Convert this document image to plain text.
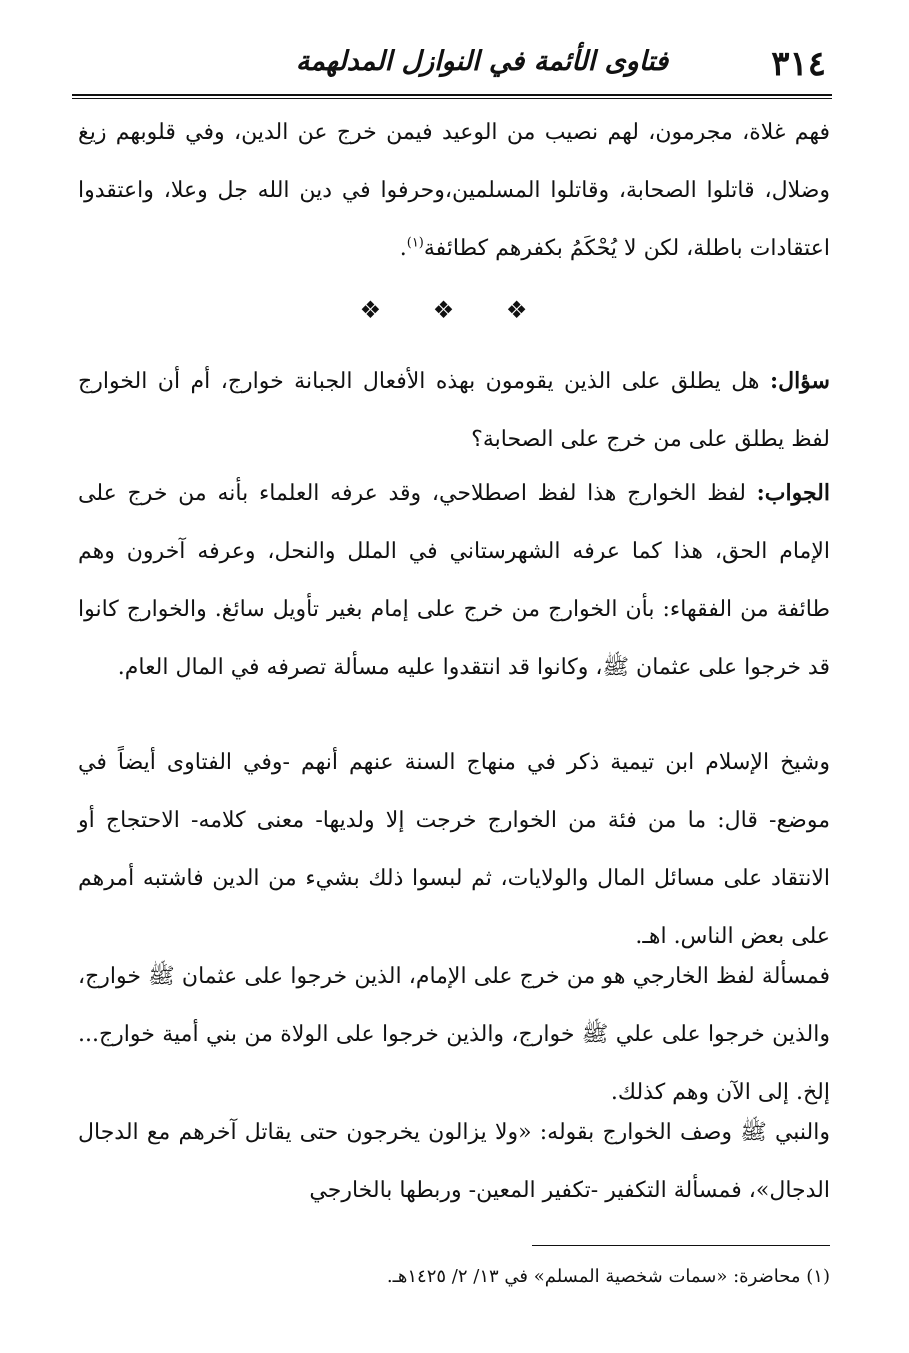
٣١٤
فتاوى الأئمة في النوازل المدلهمة

فهم غلاة، مجرمون، لهم نصيب من الوعيد فيمن خرج عن الدين، وفي قلوبهم زيغ وضلال، قاتلوا الصحابة، وقاتلوا المسلمين،وحرفوا في دين الله جل وعلا، واعتقدوا اعتقادات باطلة، لكن لا يُحْكَمُ بكفرهم كطائفة$^{(١)}$.

❖ ❖ ❖

سؤال: هل يطلق على الذين يقومون بهذه الأفعال الجبانة خوارج، أم أن الخوارج لفظ يطلق على من خرج على الصحابة؟

الجواب: لفظ الخوارج هذا لفظ اصطلاحي، وقد عرفه العلماء بأنه من خرج على الإمام الحق، هذا كما عرفه الشهرستاني في الملل والنحل، وعرفه آخرون وهم طائفة من الفقهاء: بأن الخوارج من خرج على إمام بغير تأويل سائغ. والخوارج كانوا قد خرجوا على عثمان ﷺ، وكانوا قد انتقدوا عليه مسألة تصرفه في المال العام.

وشيخ الإسلام ابن تيمية ذكر في منهاج السنة عنهم أنهم -وفي الفتاوى أيضاً في موضع- قال: ما من فئة من الخوارج خرجت إلا ولديها- معنى كلامه- الاحتجاج أو الانتقاد على مسائل المال والولايات، ثم لبسوا ذلك بشيء من الدين فاشتبه أمرهم على بعض الناس. اهـ.

فمسألة لفظ الخارجي هو من خرج على الإمام، الذين خرجوا على عثمان ﷺ خوارج، والذين خرجوا على علي ﷺ خوارج، والذين خرجوا على الولاة من بني أمية خوارج... إلخ. إلى الآن وهم كذلك.

والنبي ﷺ وصف الخوارج بقوله: «ولا يزالون يخرجون حتى يقاتل آخرهم مع الدجال الدجال»، فمسألة التكفير -تكفير المعين- وربطها بالخارجي

(١) محاضرة: «سمات شخصية المسلم» في ١٣/ ٢/ ١٤٢٥هـ.
